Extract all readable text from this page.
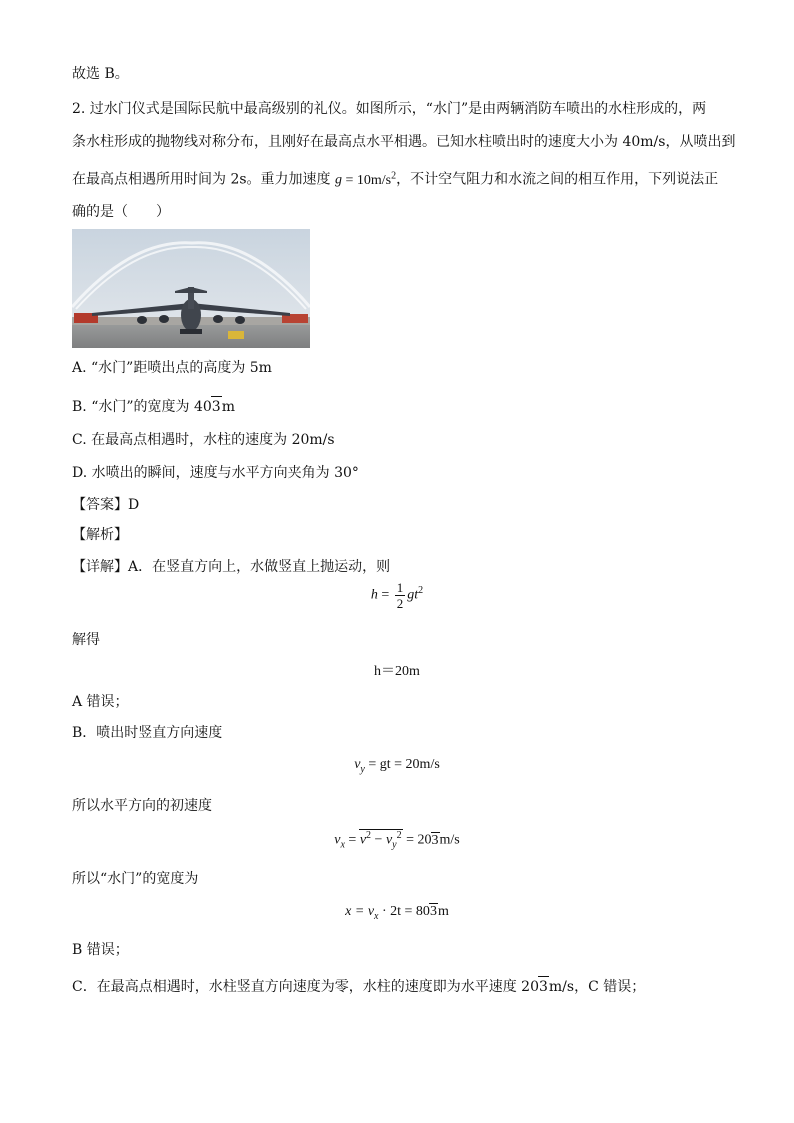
故选 B。
2. 过水门仪式是国际民航中最高级别的礼仪。如图所示，“水门”是由两辆消防车喷出的水柱形成的，两
条水柱形成的抛物线对称分布，且刚好在最高点水平相遇。已知水柱喷出时的速度大小为 40m/s，从喷出到
在最高点相遇所用时间为 2s。重力加速度 $g = 10m/s^2$，不计空气阻力和水流之间的相互作用，下列说法正
确的是（　　）
A. “水门”距喷出点的高度为 5m
B. “水门”的宽度为 403m
C. 在最高点相遇时，水柱的速度为 20m/s
D. 水喷出的瞬间，速度与水平方向夹角为 30°
【答案】D
【解析】
【详解】A．在竖直方向上，水做竖直上抛运动，则
$h = \frac{1}{2} gt^2$
解得
h＝20m
A 错误；
B．喷出时竖直方向速度
$v_y$ = gt = 20m/s
所以水平方向的初速度
$v_x = v^2 - v_y^2 = 203m/s$
所以“水门”的宽度为
$x = v_x \cdot 2t = 803m$
B 错误；
C．在最高点相遇时，水柱竖直方向速度为零，水柱的速度即为水平速度 203m/s，C 错误；
